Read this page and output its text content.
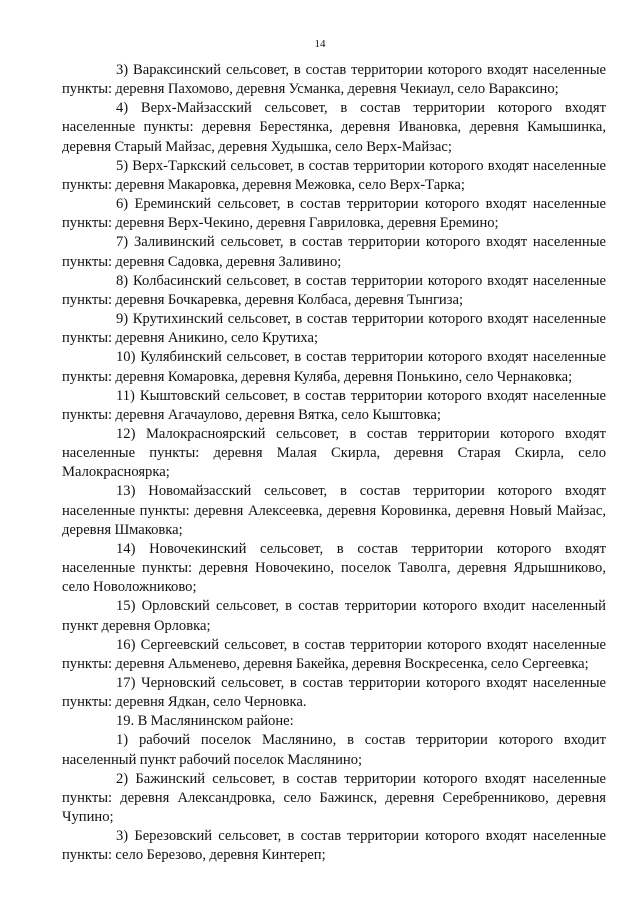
14

3) Вараксинский сельсовет, в состав территории которого входят населенные пункты: деревня Пахомово, деревня Усманка, деревня Чекиаул, село Вараксино;

4) Верх-Майзасский сельсовет, в состав территории которого входят населенные пункты: деревня Берестянка, деревня Ивановка, деревня Камышинка, деревня Старый Майзас, деревня Худышка, село Верх-Майзас;

5) Верх-Таркский сельсовет, в состав территории которого входят населенные пункты: деревня Макаровка, деревня Межовка, село Верх-Тарка;

6) Ереминский сельсовет, в состав территории которого входят населенные пункты: деревня Верх-Чекино, деревня Гавриловка, деревня Еремино;

7) Заливинский сельсовет, в состав территории которого входят населенные пункты: деревня Садовка, деревня Заливино;

8) Колбасинский сельсовет, в состав территории которого входят населенные пункты: деревня Бочкаревка, деревня Колбаса, деревня Тынгиза;

9) Крутихинский сельсовет, в состав территории которого входят населенные пункты: деревня Аникино, село Крутиха;

10) Кулябинский сельсовет, в состав территории которого входят населенные пункты: деревня Комаровка, деревня Куляба, деревня Понькино, село Чернаковка;

11) Кыштовский сельсовет, в состав территории которого входят населенные пункты: деревня Агачаулово, деревня Вятка, село Кыштовка;

12) Малокрасноярский сельсовет, в состав территории которого входят населенные пункты: деревня Малая Скирла, деревня Старая Скирла, село Малокрасноярка;

13) Новомайзасский сельсовет, в состав территории которого входят населенные пункты: деревня Алексеевка, деревня Коровинка, деревня Новый Майзас, деревня Шмаковка;

14) Новочекинский сельсовет, в состав территории которого входят населенные пункты: деревня Новочекино, поселок Таволга, деревня Ядрышниково, село Новоложниково;

15) Орловский сельсовет, в состав территории которого входит населенный пункт деревня Орловка;

16) Сергеевский сельсовет, в состав территории которого входят населенные пункты: деревня Альменево, деревня Бакейка, деревня Воскресенка, село Сергеевка;

17) Черновский сельсовет, в состав территории которого входят населенные пункты: деревня Ядкан, село Черновка.

19. В Маслянинском районе:

1) рабочий поселок Маслянино, в состав территории которого входит населенный пункт рабочий поселок Маслянино;

2) Бажинский сельсовет, в состав территории которого входят населенные пункты: деревня Александровка, село Бажинск, деревня Серебренниково, деревня Чупино;

3) Березовский сельсовет, в состав территории которого входят населенные пункты: село Березово, деревня Кинтереп;
